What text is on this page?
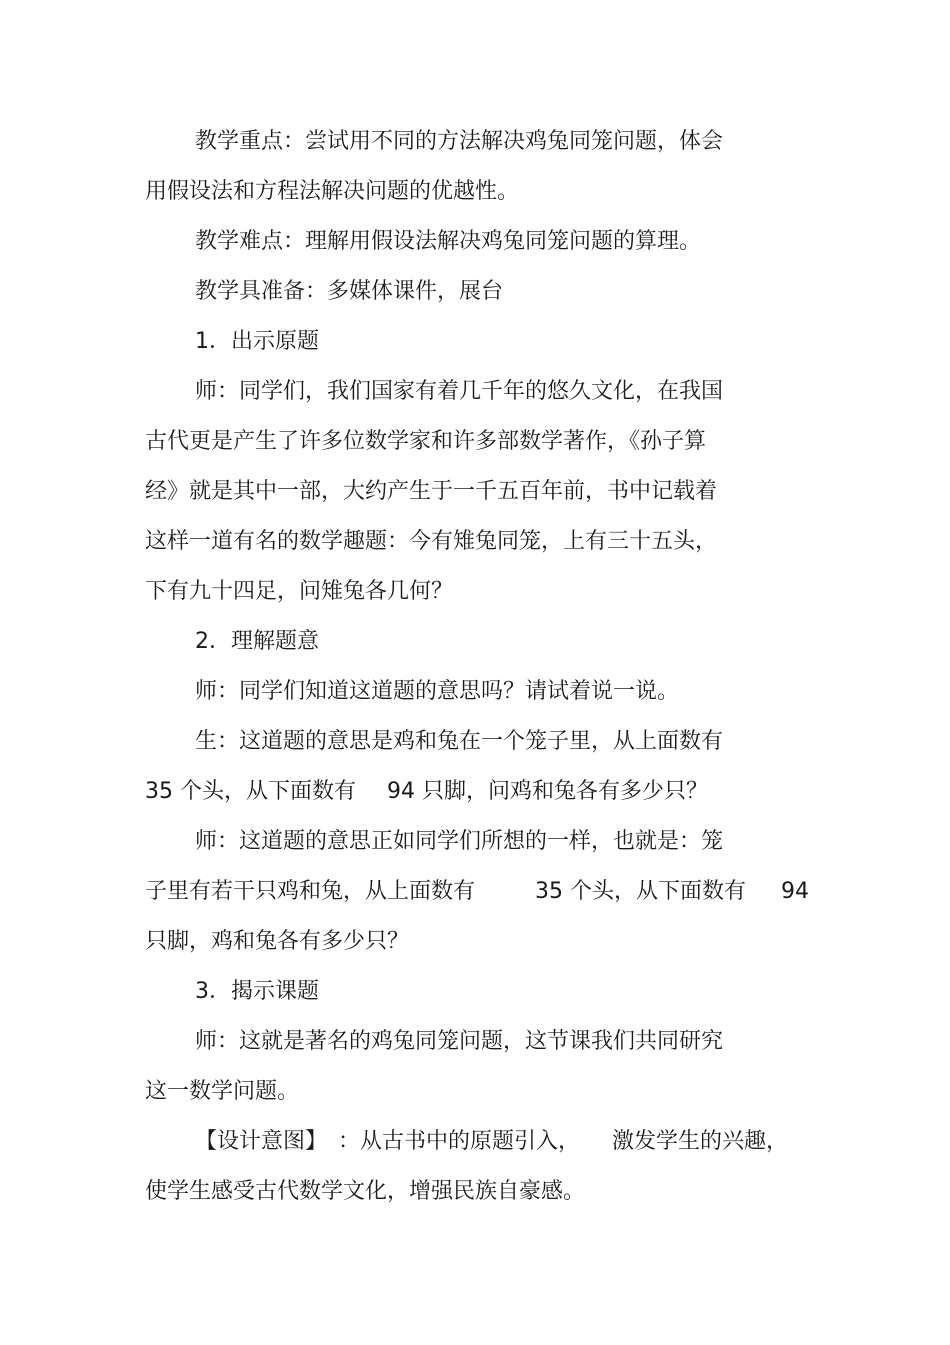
教学重点：尝试用不同的方法解决鸡兔同笼问题，体会
用假设法和方程法解决问题的优越性。
教学难点：理解用假设法解决鸡兔同笼问题的算理。
教学具准备：多媒体课件，展台
1．出示原题
师：同学们，我们国家有着几千年的悠久文化，在我国
古代更是产生了许多位数学家和许多部数学著作，《孙子算
经》就是其中一部，大约产生于一千五百年前，书中记载着
这样一道有名的数学趣题：今有雉兔同笼，上有三十五头，
下有九十四足，问雉兔各几何？
2．理解题意
师：同学们知道这道题的意思吗？请试着说一说。
生：这道题的意思是鸡和兔在一个笼子里，从上面数有
35 个头，从下面数有 94 只脚，问鸡和兔各有多少只？
师：这道题的意思正如同学们所想的一样，也就是：笼
子里有若干只鸡和兔，从上面数有	35 个头，从下面数有 94
只脚，鸡和兔各有多少只？
3．揭示课题
师：这就是著名的鸡兔同笼问题，这节课我们共同研究
这一数学问题。
【设计意图】 ：从古书中的原题引入， 激发学生的兴趣，
使学生感受古代数学文化，增强民族自豪感。
